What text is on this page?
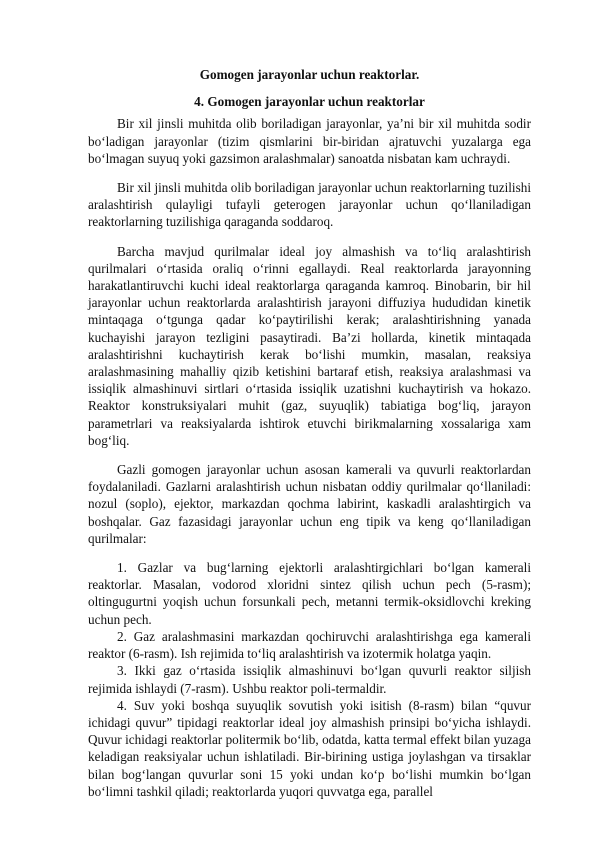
Gomogen jarayonlar uchun reaktorlar.

4. Gomogen jarayonlar uchun reaktorlar

Bir xil jinsli muhitda olib boriladigan jarayonlar, ya’ni bir xil muhitda sodir bo‘ladigan jarayonlar (tizim qismlarini bir-biridan ajratuvchi yuzalarga ega bo‘lmagan suyuq yoki gazsimon aralashmalar) sanoatda nisbatan kam uchraydi.

Bir xil jinsli muhitda olib boriladigan jarayonlar uchun reaktorlarning tuzilishi aralashtirish qulayligi tufayli geterogen jarayonlar uchun qo‘llaniladigan reaktorlarning tuzilishiga qaraganda soddaroq.

Barcha mavjud qurilmalar ideal joy almashish va to‘liq aralashtirish qurilmalari o‘rtasida oraliq o‘rinni egallaydi. Real reaktorlarda jarayonning harakatlantiruvchi kuchi ideal reaktorlarga qaraganda kamroq. Binobarin, bir hil jarayonlar uchun reaktorlarda aralashtirish jarayoni diffuziya hududidan kinetik mintaqaga o‘tgunga qadar ko‘paytirilishi kerak; aralashtirishning yanada kuchayishi jarayon tezligini pasaytiradi. Ba’zi hollarda, kinetik mintaqada aralashtirishni kuchaytirish kerak bo‘lishi mumkin, masalan, reaksiya aralashmasining mahalliy qizib ketishini bartaraf etish, reaksiya aralashmasi va issiqlik almashinuvi sirtlari o‘rtasida issiqlik uzatishni kuchaytirish va hokazo. Reaktor konstruksiyalari muhit (gaz, suyuqlik) tabiatiga bog‘liq, jarayon parametrlari va reaksiyalarda ishtirok etuvchi birikmalarning xossalariga xam bog‘liq.

Gazli gomogen jarayonlar uchun asosan kamerali va quvurli reaktorlardan foydalaniladi. Gazlarni aralashtirish uchun nisbatan oddiy qurilmalar qo‘llaniladi: nozul (soplo), ejektor, markazdan qochma labirint, kaskadli aralashtirgich va boshqalar. Gaz fazasidagi jarayonlar uchun eng tipik va keng qo‘llaniladigan qurilmalar:

1. Gazlar va bug‘larning ejektorli aralashtirgichlari bo‘lgan kamerali reaktorlar. Masalan, vodorod xloridni sintez qilish uchun pech (5-rasm); oltingugurtni yoqish uchun forsunkali pech, metanni termik-oksidlovchi kreking uchun pech.

2. Gaz aralashmasini markazdan qochiruvchi aralashtirishga ega kamerali reaktor (6-rasm). Ish rejimida to‘liq aralashtirish va izotermik holatga yaqin.

3. Ikki gaz o‘rtasida issiqlik almashinuvi bo‘lgan quvurli reaktor siljish rejimida ishlaydi (7-rasm). Ushbu reaktor poli-termaldir.

4. Suv yoki boshqa suyuqlik sovutish yoki isitish (8-rasm) bilan “quvur ichidagi quvur” tipidagi reaktorlar ideal joy almashish prinsipi bo‘yicha ishlaydi. Quvur ichidagi reaktorlar politermik bo‘lib, odatda, katta termal effekt bilan yuzaga keladigan reaksiyalar uchun ishlatiladi. Bir-birining ustiga joylashgan va tirsaklar bilan bog‘langan quvurlar soni 15 yoki undan ko‘p bo‘lishi mumkin bo‘lgan bo‘limni tashkil qiladi; reaktorlarda yuqori quvvatga ega, parallel
